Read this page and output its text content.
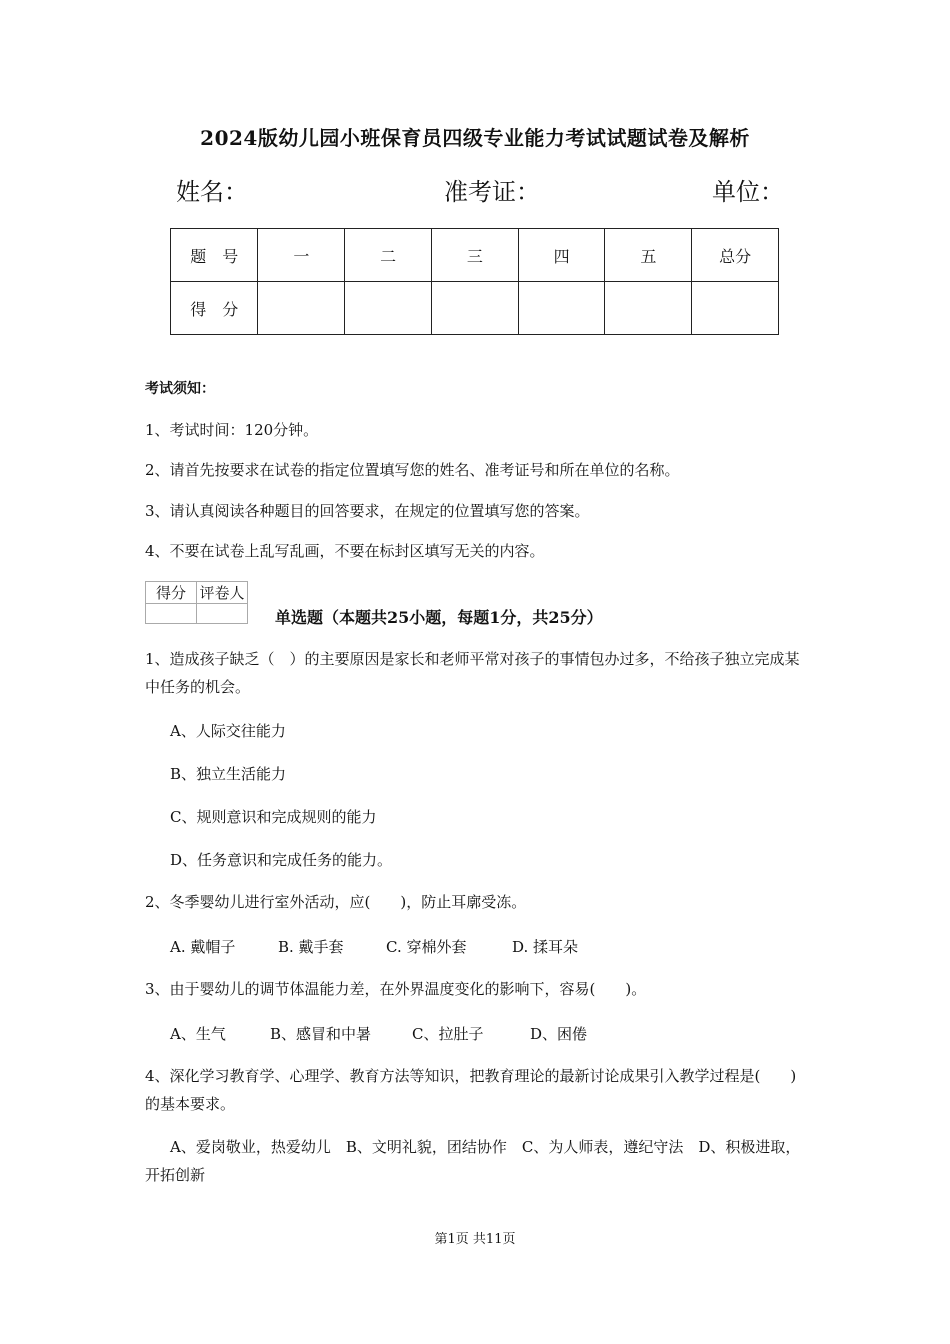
2024版幼儿园小班保育员四级专业能力考试试题试卷及解析
姓名：	准考证：	单位：
题　号	一	二	三	四	五	总分
得　分						
考试须知：
1、考试时间：120分钟。
2、请首先按要求在试卷的指定位置填写您的姓名、准考证号和所在单位的名称。
3、请认真阅读各种题目的回答要求，在规定的位置填写您的答案。
4、不要在试卷上乱写乱画，不要在标封区填写无关的内容。
得分	评卷人

单选题（本题共25小题，每题1分，共25分）
1、造成孩子缺乏（　）的主要原因是家长和老师平常对孩子的事情包办过多，不给孩子独立完成某中任务的机会。
A、人际交往能力
B、独立生活能力
C、规则意识和完成规则的能力
D、任务意识和完成任务的能力。
2、冬季婴幼儿进行室外活动，应(　　)，防止耳廓受冻。
A. 戴帽子	B. 戴手套	C. 穿棉外套	D. 揉耳朵
3、由于婴幼儿的调节体温能力差，在外界温度变化的影响下，容易(　　)。
A、生气	B、感冒和中暑	C、拉肚子	D、困倦
4、深化学习教育学、心理学、教育方法等知识，把教育理论的最新讨论成果引入教学过程是(　　)的基本要求。
A、爱岗敬业，热爱幼儿　B、文明礼貌，团结协作　C、为人师表，遵纪守法　D、积极进取，开拓创新
第1页 共11页
